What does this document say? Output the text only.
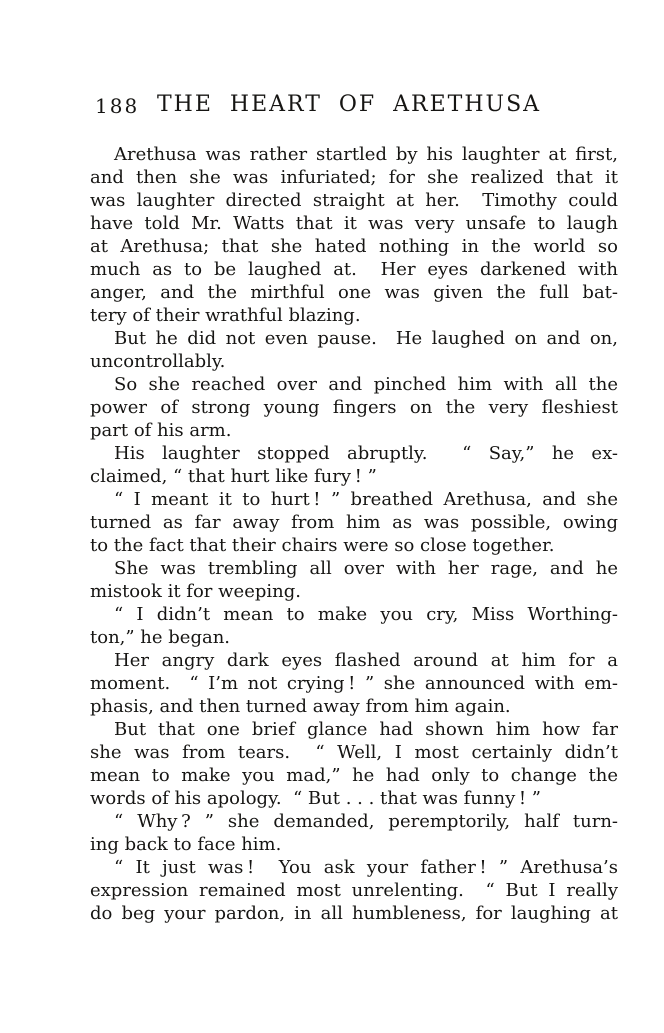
188 THE HEART OF ARETHUSA
Arethusa was rather startled by his laughter at first,
and then she was infuriated; for she realized that it
was laughter directed straight at her.  Timothy could
have told Mr. Watts that it was very unsafe to laugh
at Arethusa; that she hated nothing in the world so
much as to be laughed at.  Her eyes darkened with
anger, and the mirthful one was given the full bat-
tery of their wrathful blazing.
But he did not even pause.  He laughed on and on,
uncontrollably.
So she reached over and pinched him with all the
power of strong young fingers on the very fleshiest
part of his arm.
His laughter stopped abruptly.  “ Say,” he ex-
claimed, “ that hurt like fury ! ”
“ I meant it to hurt ! ” breathed Arethusa, and she
turned as far away from him as was possible, owing
to the fact that their chairs were so close together.
She was trembling all over with her rage, and he
mistook it for weeping.
“ I didn’t mean to make you cry, Miss Worthing-
ton,” he began.
Her angry dark eyes flashed around at him for a
moment.  “ I’m not crying ! ” she announced with em-
phasis, and then turned away from him again.
But that one brief glance had shown him how far
she was from tears.  “ Well, I most certainly didn’t
mean to make you mad,” he had only to change the
words of his apology.  “ But . . . that was funny ! ”
“ Why ? ” she demanded, peremptorily, half turn-
ing back to face him.
“ It just was !  You ask your father ! ” Arethusa’s
expression remained most unrelenting.  “ But I really
do beg your pardon, in all humbleness, for laughing at
